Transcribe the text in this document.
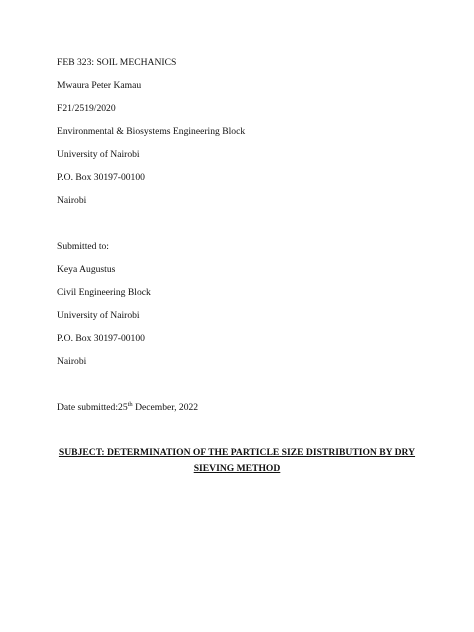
FEB 323: SOIL MECHANICS
Mwaura Peter Kamau
F21/2519/2020
Environmental & Biosystems Engineering Block
University of Nairobi
P.O. Box 30197-00100
Nairobi
Submitted to:
Keya Augustus
Civil Engineering Block
University of Nairobi
P.O. Box 30197-00100
Nairobi
Date submitted:25th December, 2022
SUBJECT: DETERMINATION OF THE PARTICLE SIZE DISTRIBUTION BY DRY
SIEVING METHOD
